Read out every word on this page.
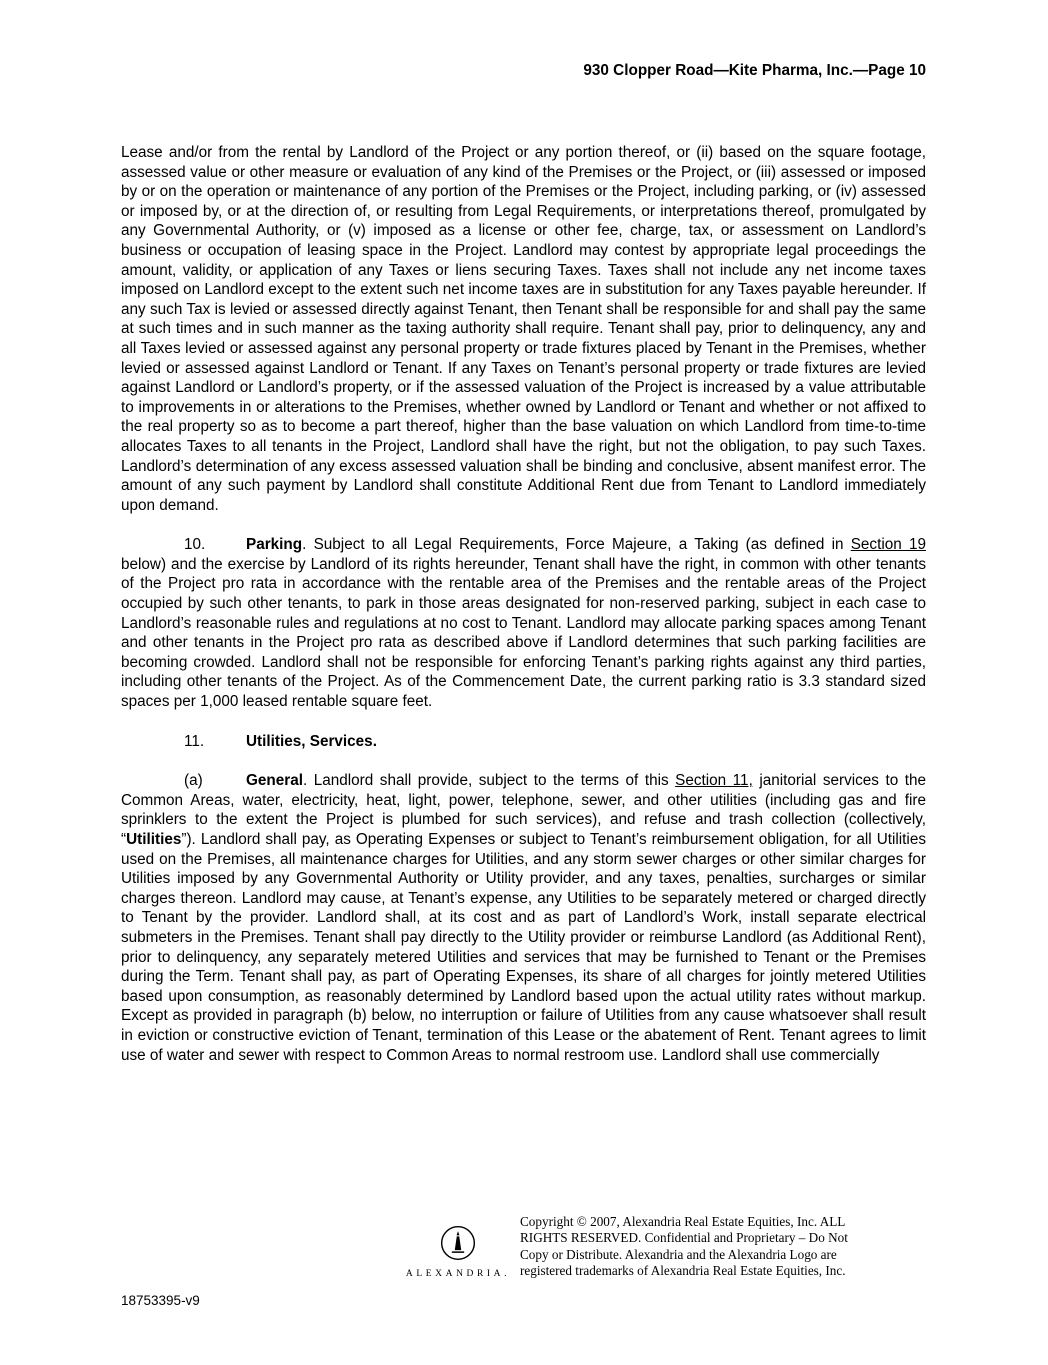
930 Clopper Road—Kite Pharma, Inc.—Page 10

Lease and/or from the rental by Landlord of the Project or any portion thereof, or (ii) based on the square footage, assessed value or other measure or evaluation of any kind of the Premises or the Project, or (iii) assessed or imposed by or on the operation or maintenance of any portion of the Premises or the Project, including parking, or (iv) assessed or imposed by, or at the direction of, or resulting from Legal Requirements, or interpretations thereof, promulgated by any Governmental Authority, or (v) imposed as a license or other fee, charge, tax, or assessment on Landlord’s business or occupation of leasing space in the Project. Landlord may contest by appropriate legal proceedings the amount, validity, or application of any Taxes or liens securing Taxes. Taxes shall not include any net income taxes imposed on Landlord except to the extent such net income taxes are in substitution for any Taxes payable hereunder. If any such Tax is levied or assessed directly against Tenant, then Tenant shall be responsible for and shall pay the same at such times and in such manner as the taxing authority shall require. Tenant shall pay, prior to delinquency, any and all Taxes levied or assessed against any personal property or trade fixtures placed by Tenant in the Premises, whether levied or assessed against Landlord or Tenant. If any Taxes on Tenant’s personal property or trade fixtures are levied against Landlord or Landlord’s property, or if the assessed valuation of the Project is increased by a value attributable to improvements in or alterations to the Premises, whether owned by Landlord or Tenant and whether or not affixed to the real property so as to become a part thereof, higher than the base valuation on which Landlord from time-to-time allocates Taxes to all tenants in the Project, Landlord shall have the right, but not the obligation, to pay such Taxes. Landlord’s determination of any excess assessed valuation shall be binding and conclusive, absent manifest error. The amount of any such payment by Landlord shall constitute Additional Rent due from Tenant to Landlord immediately upon demand.

10.	Parking. Subject to all Legal Requirements, Force Majeure, a Taking (as defined in Section 19 below) and the exercise by Landlord of its rights hereunder, Tenant shall have the right, in common with other tenants of the Project pro rata in accordance with the rentable area of the Premises and the rentable areas of the Project occupied by such other tenants, to park in those areas designated for non-reserved parking, subject in each case to Landlord’s reasonable rules and regulations at no cost to Tenant. Landlord may allocate parking spaces among Tenant and other tenants in the Project pro rata as described above if Landlord determines that such parking facilities are becoming crowded. Landlord shall not be responsible for enforcing Tenant’s parking rights against any third parties, including other tenants of the Project. As of the Commencement Date, the current parking ratio is 3.3 standard sized spaces per 1,000 leased rentable square feet.

11.	Utilities, Services.

(a)	General. Landlord shall provide, subject to the terms of this Section 11, janitorial services to the Common Areas, water, electricity, heat, light, power, telephone, sewer, and other utilities (including gas and fire sprinklers to the extent the Project is plumbed for such services), and refuse and trash collection (collectively, “Utilities”). Landlord shall pay, as Operating Expenses or subject to Tenant’s reimbursement obligation, for all Utilities used on the Premises, all maintenance charges for Utilities, and any storm sewer charges or other similar charges for Utilities imposed by any Governmental Authority or Utility provider, and any taxes, penalties, surcharges or similar charges thereon. Landlord may cause, at Tenant’s expense, any Utilities to be separately metered or charged directly to Tenant by the provider. Landlord shall, at its cost and as part of Landlord’s Work, install separate electrical submeters in the Premises. Tenant shall pay directly to the Utility provider or reimburse Landlord (as Additional Rent), prior to delinquency, any separately metered Utilities and services that may be furnished to Tenant or the Premises during the Term. Tenant shall pay, as part of Operating Expenses, its share of all charges for jointly metered Utilities based upon consumption, as reasonably determined by Landlord based upon the actual utility rates without markup. Except as provided in paragraph (b) below, no interruption or failure of Utilities from any cause whatsoever shall result in eviction or constructive eviction of Tenant, termination of this Lease or the abatement of Rent. Tenant agrees to limit use of water and sewer with respect to Common Areas to normal restroom use. Landlord shall use commercially

ALEXANDRIA.
Copyright © 2007, Alexandria Real Estate Equities, Inc. ALL
RIGHTS RESERVED. Confidential and Proprietary – Do Not
Copy or Distribute. Alexandria and the Alexandria Logo are
registered trademarks of Alexandria Real Estate Equities, Inc.
18753395-v9
